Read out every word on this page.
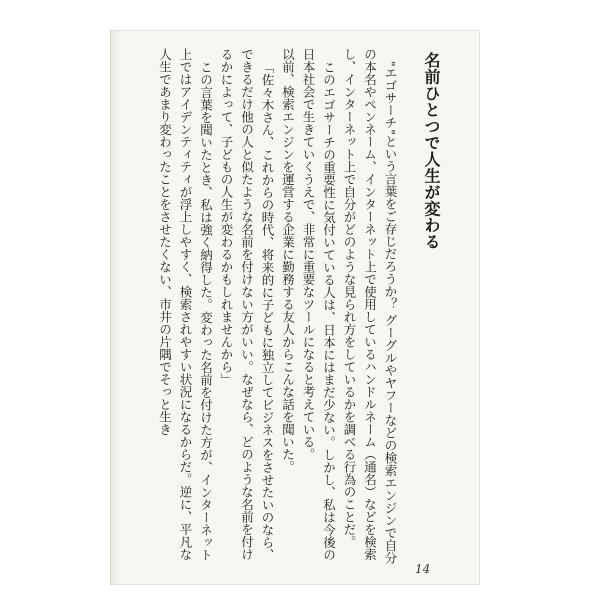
名前ひとつで人生が変わる

"エゴサーチ"という言葉をご存じだろうか？ グーグルやヤフーなどの検索エンジンで自分の本名やペンネーム、インターネット上で使用しているハンドルネーム（通名）などを検索し、インターネット上で自分がどのような見られ方をしているかを調べる行為のことだ。

このエゴサーチの重要性に気付いている人は、日本にはまだ少ない。しかし、私は今後の日本社会で生きていくうえで、非常に重要なツールになると考えている。

以前、検索エンジンを運営する企業に勤務する友人からこんな話を聞いた。

「佐々木さん、これからの時代、将来的に子どもに独立してビジネスをさせたいのなら、できるだけ他の人と似たような名前を付けない方がいい。なぜなら、どのような名前を付けるかによって、子どもの人生が変わるかもしれませんから」

この言葉を聞いたとき、私は強く納得した。変わった名前を付けた方が、インターネット上ではアイデンティティが浮上しやすく、検索されやすい状況になるからだ。逆に、平凡な人生であまり変わったことをさせたくない、市井の片隅でそっと生き

14
